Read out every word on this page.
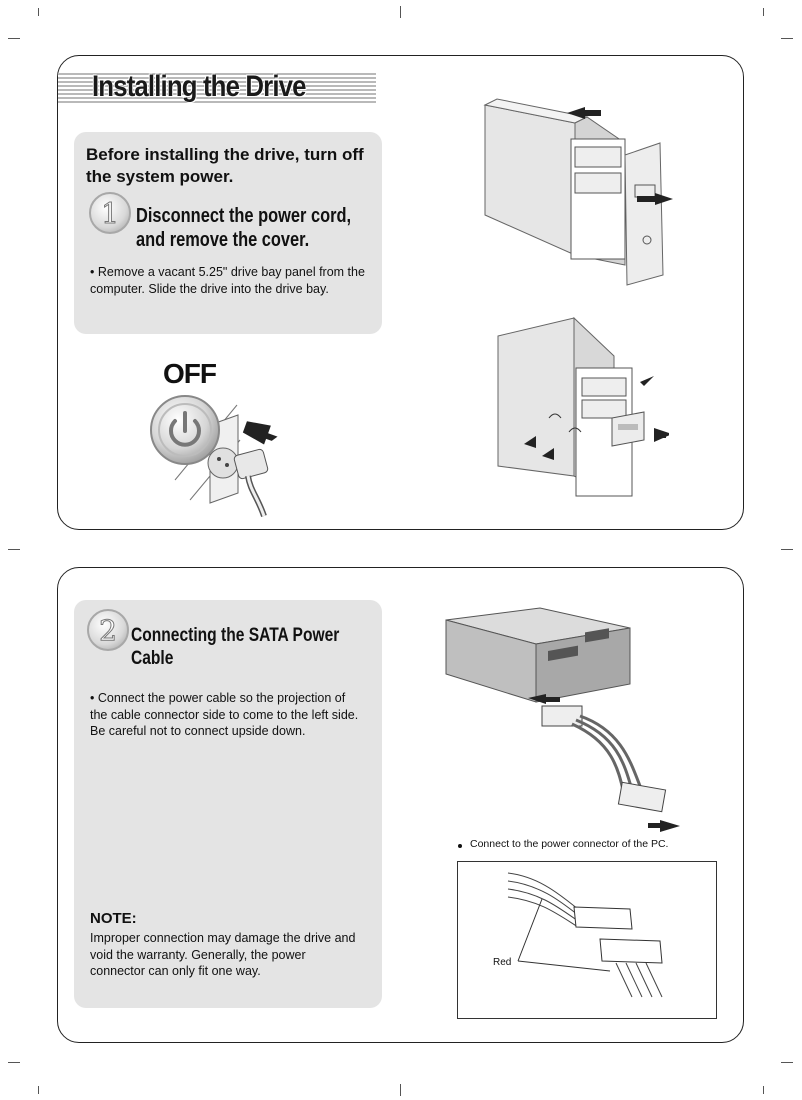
Installing the Drive
Before installing the drive, turn off the system power.
1 Disconnect the power cord,
and remove the cover.
• Remove a vacant 5.25" drive bay panel from the computer. Slide the drive into the drive bay.
OFF
2 Connecting the SATA Power
Cable
• Connect the power cable so the projection of the cable connector side to come to the left side. Be careful not to connect upside down.
NOTE:
Improper connection may damage the drive and void the warranty. Generally, the power connector can only fit one way.
Connect to the power connector of the PC.
Red
